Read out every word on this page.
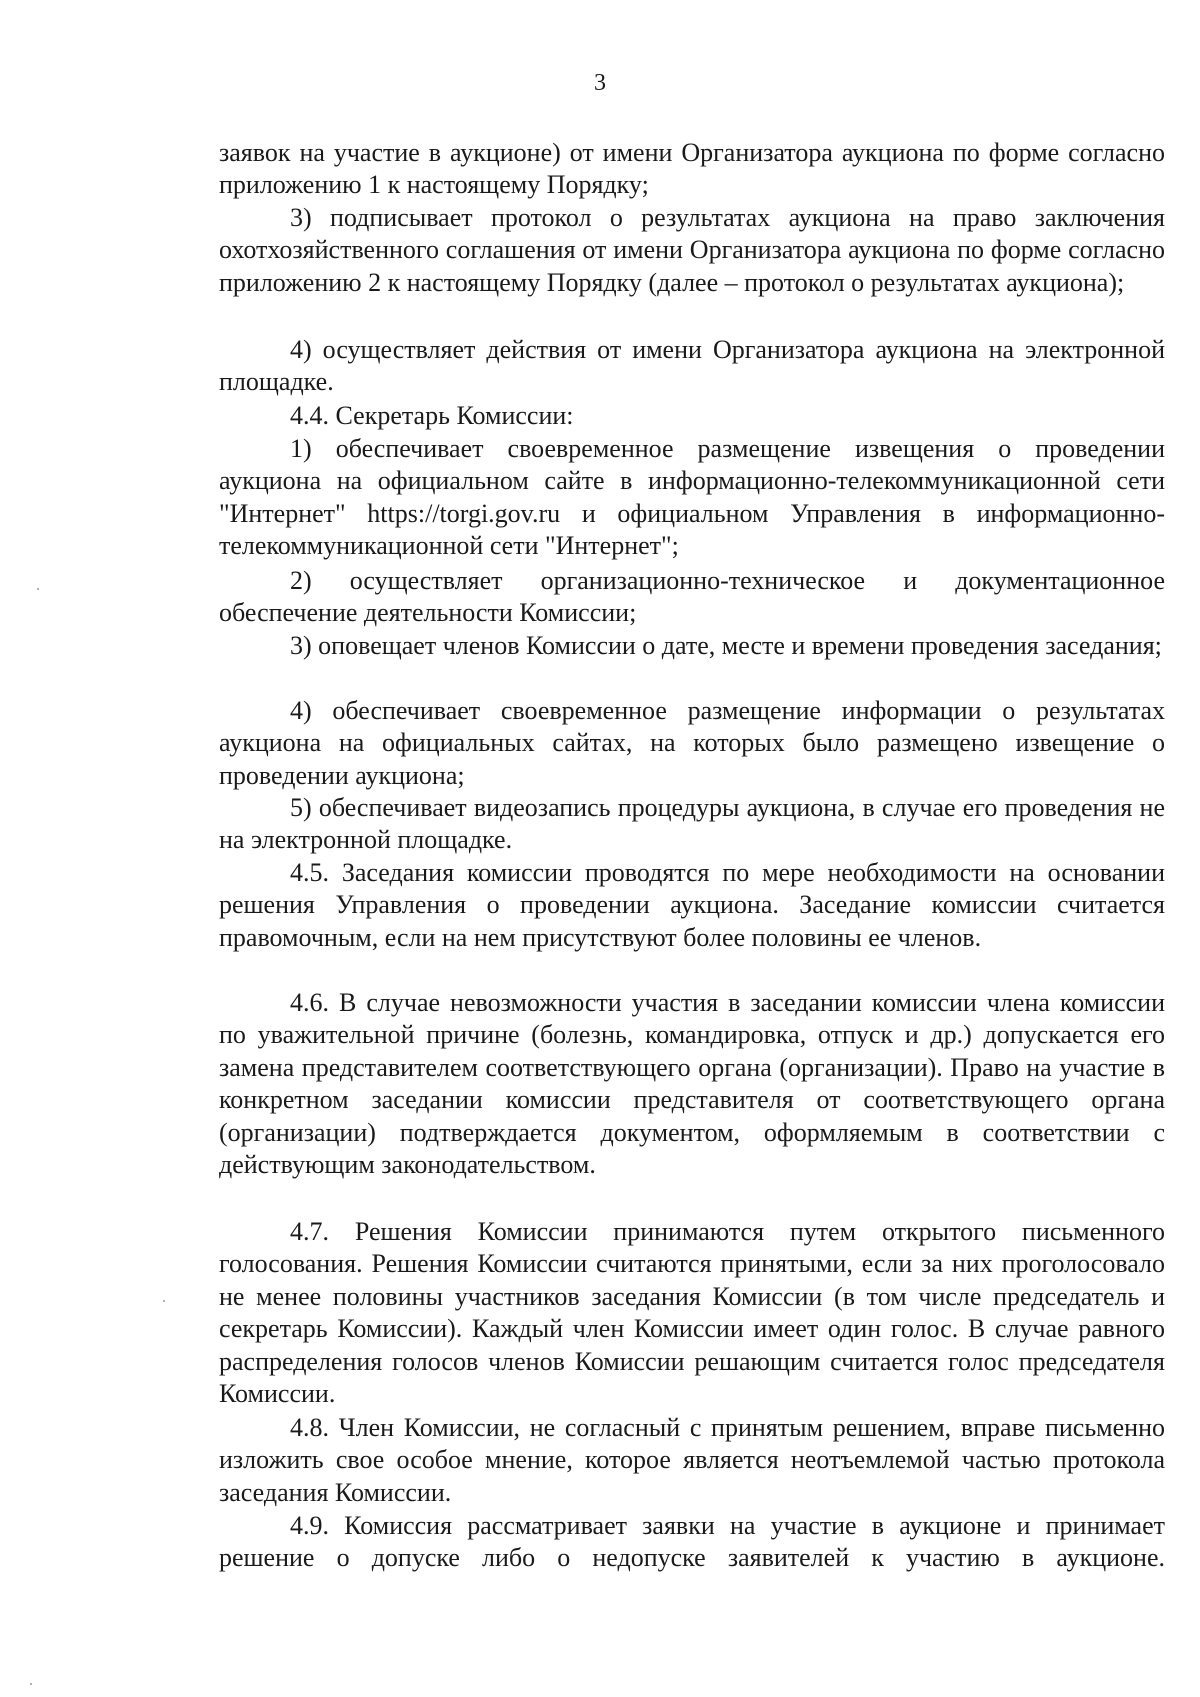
3

заявок на участие в аукционе) от имени Организатора аукциона по форме согласно приложению 1 к настоящему Порядку;

3) подписывает протокол о результатах аукциона на право заключения охотхозяйственного соглашения от имени Организатора аукциона по форме согласно приложению 2 к настоящему Порядку (далее – протокол о результатах аукциона);

4) осуществляет действия от имени Организатора аукциона на электронной площадке.

4.4. Секретарь Комиссии:

1) обеспечивает своевременное размещение извещения о проведении аукциона на официальном сайте в информационно-телекоммуникационной сети "Интернет" https://torgi.gov.ru и официальном Управления в информационно-телекоммуникационной сети "Интернет";

2) осуществляет организационно-техническое и документационное обеспечение деятельности Комиссии;

3) оповещает членов Комиссии о дате, месте и времени проведения заседания;

4) обеспечивает своевременное размещение информации о результатах аукциона на официальных сайтах, на которых было размещено извещение о проведении аукциона;

5) обеспечивает видеозапись процедуры аукциона, в случае его проведения не на электронной площадке.

4.5. Заседания комиссии проводятся по мере необходимости на основании решения Управления о проведении аукциона. Заседание комиссии считается правомочным, если на нем присутствуют более половины ее членов.

4.6. В случае невозможности участия в заседании комиссии члена комиссии по уважительной причине (болезнь, командировка, отпуск и др.) допускается его замена представителем соответствующего органа (организации). Право на участие в конкретном заседании комиссии представителя от соответствующего органа (организации) подтверждается документом, оформляемым в соответствии с действующим законодательством.

4.7. Решения Комиссии принимаются путем открытого письменного голосования. Решения Комиссии считаются принятыми, если за них проголосовало не менее половины участников заседания Комиссии (в том числе председатель и секретарь Комиссии). Каждый член Комиссии имеет один голос. В случае равного распределения голосов членов Комиссии решающим считается голос председателя Комиссии.

4.8. Член Комиссии, не согласный с принятым решением, вправе письменно изложить свое особое мнение, которое является неотъемлемой частью протокола заседания Комиссии.

4.9. Комиссия рассматривает заявки на участие в аукционе и принимает решение о допуске либо о недопуске заявителей к участию в аукционе.
